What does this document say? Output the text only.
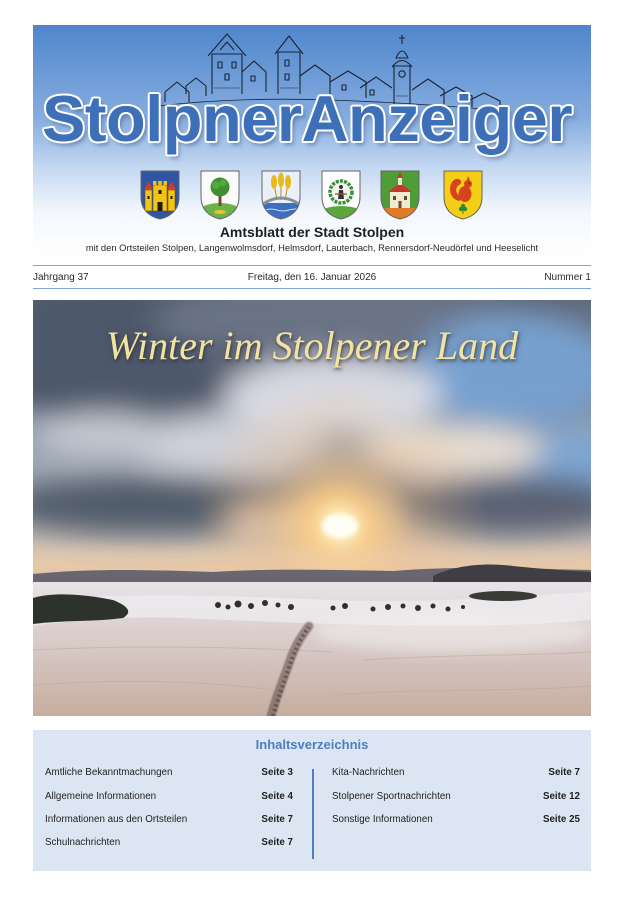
StolpnerAnzeiger
Amtsblatt der Stadt Stolpen
mit den Ortsteilen Stolpen, Langenwolmsdorf, Helmsdorf, Lauterbach, Rennersdorf-Neudörfel und Heeselicht
Jahrgang 37	Freitag, den 16. Januar 2026	Nummer 1
Winter im Stolpener Land
Inhaltsverzeichnis
Amtliche Bekanntmachungen	Seite 3
Allgemeine Informationen	Seite 4
Informationen aus den Ortsteilen	Seite 7
Schulnachrichten	Seite 7
Kita-Nachrichten	Seite 7
Stolpener Sportnachrichten	Seite 12
Sonstige Informationen	Seite 25
